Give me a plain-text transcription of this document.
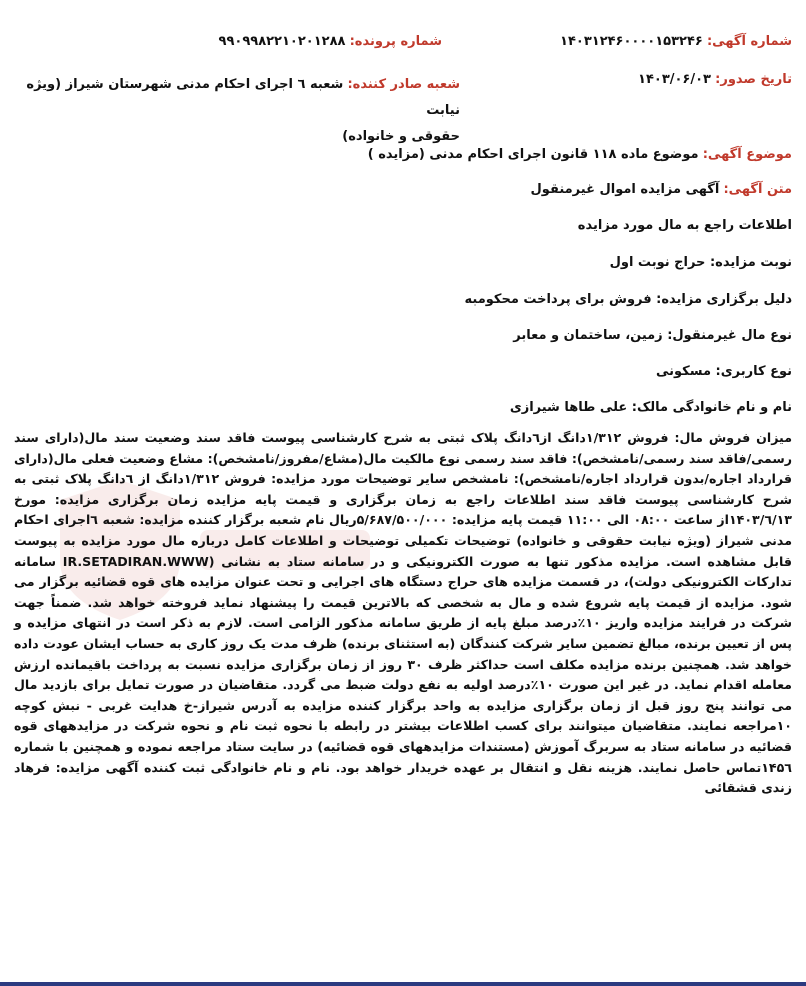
شماره آگهی: ۱۴۰۳۱۲۴۶۰۰۰۰۱۵۳۲۴۶
شماره پرونده: ۹۹۰۹۹۸۲۲۱۰۲۰۱۲۸۸
تاریخ صدور: ۱۴۰۳/۰۶/۰۳
شعبه صادر کننده: شعبه ٦ اجرای احکام مدنی شهرستان شیراز (ویژه نیابت
حقوقی و خانواده)
موضوع آگهی: موضوع ماده ۱۱۸ قانون اجرای احکام مدنی (مزایده )
متن آگهی: آگهی مزایده اموال غیرمنقول
اطلاعات راجع به مال مورد مزایده
نوبت مزایده: حراج نوبت اول
دلیل برگزاری مزایده: فروش برای پرداخت محکومبه
نوع مال غیرمنقول: زمین، ساختمان و معابر
نوع کاربری: مسکونی
نام و نام خانوادگی مالک: علی طاها شیرازی
میزان فروش مال: فروش ۱/۳۱۲دانگ از٦دانگ پلاک ثبتی به شرح کارشناسی پیوست فاقد سند وضعیت سند مال(دارای سند رسمی/فاقد سند رسمی/نامشخص): فاقد سند رسمی نوع مالکیت مال(مشاع/مفروز/نامشخص): مشاع وضعیت فعلی مال(دارای قرارداد اجاره/بدون قرارداد اجاره/نامشخص): نامشخص سایر توضیحات مورد مزایده: فروش ۱/۳۱۲دانگ از ٦دانگ پلاک ثبتی به شرح کارشناسی پیوست فاقد سند اطلاعات راجع به زمان برگزاری و قیمت پایه مزایده زمان برگزاری مزایده: مورخ ۱۴۰۳/٦/۱۳از ساعت ۰۸:۰۰ الی ۱۱:۰۰ قیمت پایه مزایده: ۵/۶۸۷/۵۰۰/۰۰۰ریال نام شعبه برگزار کننده مزایده: شعبه ٦اجرای احکام مدنی شیراز (ویژه نیابت حقوقی و خانواده) توضیحات تکمیلی توضیحات و اطلاعات کامل درباره مال مورد مزایده به پیوست قابل مشاهده است. مزایده مذکور تنها به صورت الکترونیکی و در سامانه ستاد به نشانی (IR.SETADIRAN.WWW سامانه تدارکات الکترونیکی دولت)، در قسمت مزایده های حراج دستگاه های اجرایی و تحت عنوان مزایده های قوه قضائیه برگزار می شود. مزایده از قیمت پایه شروع شده و مال به شخصی که بالاترین قیمت را پیشنهاد نماید فروخته خواهد شد. ضمناً جهت شرکت در فرایند مزایده واریز ۱۰٪درصد مبلغ پایه از طریق سامانه مذکور الزامی است. لازم به ذکر است در انتهای مزایده و پس از تعیین برنده، مبالغ تضمین سایر شرکت کنندگان (به استثنای برنده) ظرف مدت یک روز کاری به حساب ایشان عودت داده خواهد شد. همچنین برنده مزایده مکلف است حداکثر ظرف ۳۰ روز از زمان برگزاری مزایده نسبت به پرداخت باقیمانده ارزش معامله اقدام نماید. در غیر این صورت ۱۰٪درصد اولیه به نفع دولت ضبط می گردد. متقاضیان در صورت تمایل برای بازدید مال می توانند پنج روز قبل از زمان برگزاری مزایده به واحد برگزار کننده مزایده به آدرس شیراز-خ هدایت غربی - نبش کوچه ۱۰مراجعه نمایند. متقاضیان میتوانند برای کسب اطلاعات بیشتر در رابطه با نحوه ثبت نام و نحوه شرکت در مزایدههای قوه قضائیه در سامانه ستاد به سربرگ آموزش (مستندات مزایدههای قوه قضائیه) در سایت ستاد مراجعه نموده و همچنین با شماره ۱۴۵٦تماس حاصل نمایند. هزینه نقل و انتقال بر عهده خریدار خواهد بود. نام و نام خانوادگی ثبت کننده آگهی مزایده: فرهاد زندی قشقائی
